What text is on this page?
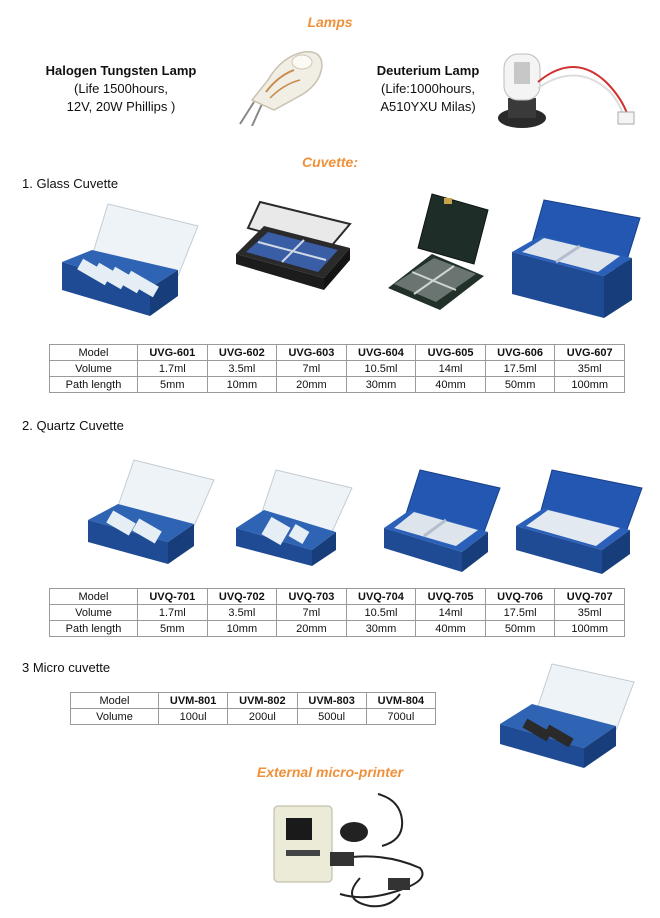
Lamps
Halogen Tungsten Lamp
(Life 1500hours,
12V, 20W Phillips )
Deuterium Lamp
(Life:1000hours,
A510YXU Milas)
Cuvette:
1. Glass Cuvette
Model	UVG-601	UVG-602	UVG-603	UVG-604	UVG-605	UVG-606	UVG-607
Volume	1.7ml	3.5ml	7ml	10.5ml	14ml	17.5ml	35ml
Path length	5mm	10mm	20mm	30mm	40mm	50mm	100mm
2. Quartz Cuvette
Model	UVQ-701	UVQ-702	UVQ-703	UVQ-704	UVQ-705	UVQ-706	UVQ-707
Volume	1.7ml	3.5ml	7ml	10.5ml	14ml	17.5ml	35ml
Path length	5mm	10mm	20mm	30mm	40mm	50mm	100mm
3 Micro cuvette
Model	UVM-801	UVM-802	UVM-803	UVM-804
Volume	100ul	200ul	500ul	700ul
External micro-printer
